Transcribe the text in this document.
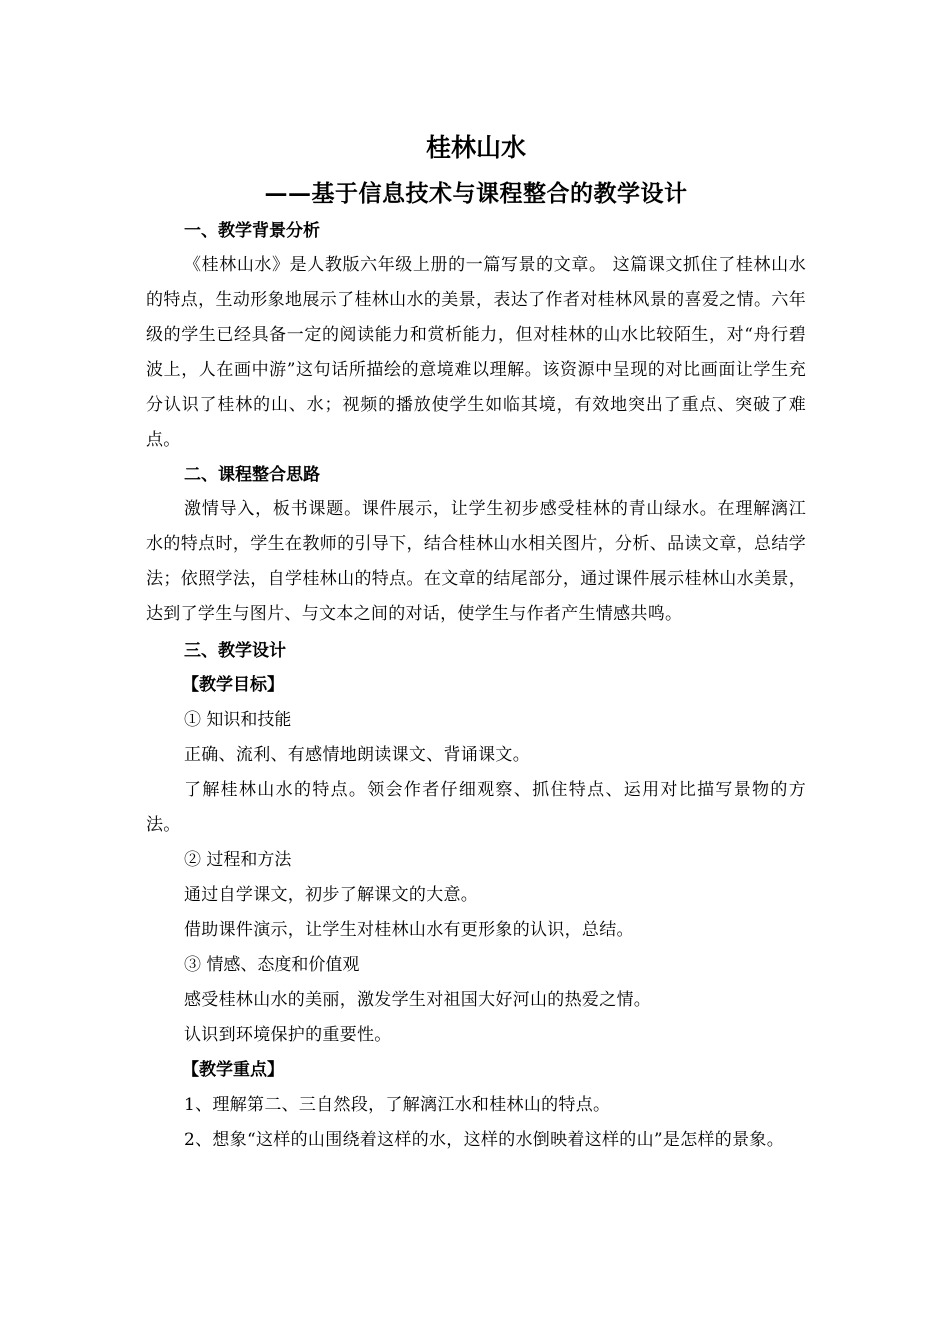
桂林山水
——基于信息技术与课程整合的教学设计

一、教学背景分析

《桂林山水》是人教版六年级上册的一篇写景的文章。 这篇课文抓住了桂林山水的特点，生动形象地展示了桂林山水的美景，表达了作者对桂林风景的喜爱之情。六年级的学生已经具备一定的阅读能力和赏析能力，但对桂林的山水比较陌生，对“舟行碧波上，人在画中游”这句话所描绘的意境难以理解。该资源中呈现的对比画面让学生充分认识了桂林的山、水；视频的播放使学生如临其境，有效地突出了重点、突破了难点。

二、课程整合思路

激情导入，板书课题。课件展示，让学生初步感受桂林的青山绿水。在理解漓江水的特点时，学生在教师的引导下，结合桂林山水相关图片，分析、品读文章，总结学法；依照学法，自学桂林山的特点。在文章的结尾部分，通过课件展示桂林山水美景，达到了学生与图片、与文本之间的对话，使学生与作者产生情感共鸣。

三、教学设计

【教学目标】

① 知识和技能

正确、流利、有感情地朗读课文、背诵课文。

了解桂林山水的特点。领会作者仔细观察、抓住特点、运用对比描写景物的方法。

② 过程和方法

通过自学课文，初步了解课文的大意。

借助课件演示，让学生对桂林山水有更形象的认识，总结。

③ 情感、态度和价值观

感受桂林山水的美丽，激发学生对祖国大好河山的热爱之情。

认识到环境保护的重要性。

【教学重点】

1、理解第二、三自然段，了解漓江水和桂林山的特点。

2、想象“这样的山围绕着这样的水，这样的水倒映着这样的山”是怎样的景象。
